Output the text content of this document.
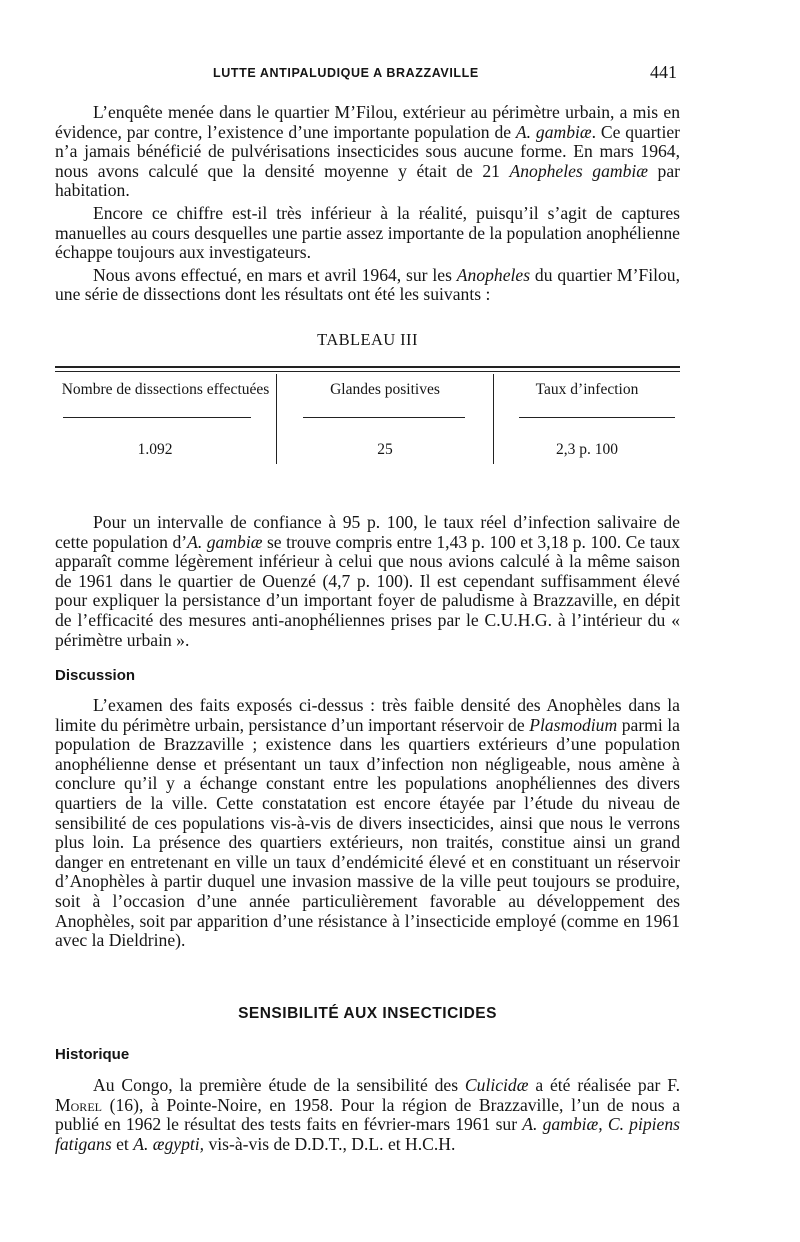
LUTTE ANTIPALUDIQUE A BRAZZAVILLE	441

L’enquête menée dans le quartier M’Filou, extérieur au périmètre urbain, a mis en évidence, par contre, l’existence d’une importante population de A. gambiæ. Ce quartier n’a jamais bénéficié de pulvérisations insecticides sous aucune forme. En mars 1964, nous avons calculé que la densité moyenne y était de 21 Anopheles gambiæ par habitation.

Encore ce chiffre est-il très inférieur à la réalité, puisqu’il s’agit de captures manuelles au cours desquelles une partie assez importante de la population anophélienne échappe toujours aux investigateurs.

Nous avons effectué, en mars et avril 1964, sur les Anopheles du quartier M’Filou, une série de dissections dont les résultats ont été les suivants :

TABLEAU III
Nombre de dissections effectuées	Glandes positives	Taux d’infection
1.092	25	2,3 p. 100

Pour un intervalle de confiance à 95 p. 100, le taux réel d’infection salivaire de cette population d’A. gambiæ se trouve compris entre 1,43 p. 100 et 3,18 p. 100. Ce taux apparaît comme légèrement inférieur à celui que nous avions calculé à la même saison de 1961 dans le quartier de Ouenzé (4,7 p. 100). Il est cependant suffisamment élevé pour expliquer la persistance d’un important foyer de paludisme à Brazzaville, en dépit de l’efficacité des mesures anti-anophéliennes prises par le C.U.H.G. à l’intérieur du « périmètre urbain ».

Discussion

L’examen des faits exposés ci-dessus : très faible densité des Anophèles dans la limite du périmètre urbain, persistance d’un important réservoir de Plasmodium parmi la population de Brazzaville ; existence dans les quartiers extérieurs d’une population anophélienne dense et présentant un taux d’infection non négligeable, nous amène à conclure qu’il y a échange constant entre les populations anophéliennes des divers quartiers de la ville. Cette constatation est encore étayée par l’étude du niveau de sensibilité de ces populations vis-à-vis de divers insecticides, ainsi que nous le verrons plus loin. La présence des quartiers extérieurs, non traités, constitue ainsi un grand danger en entretenant en ville un taux d’endémicité élevé et en constituant un réservoir d’Anophèles à partir duquel une invasion massive de la ville peut toujours se produire, soit à l’occasion d’une année particulièrement favorable au développement des Anophèles, soit par apparition d’une résistance à l’insecticide employé (comme en 1961 avec la Dieldrine).

SENSIBILITÉ AUX INSECTICIDES
Historique

Au Congo, la première étude de la sensibilité des Culicidæ a été réalisée par F. Morel (16), à Pointe-Noire, en 1958. Pour la région de Brazzaville, l’un de nous a publié en 1962 le résultat des tests faits en février-mars 1961 sur A. gambiæ, C. pipiens fatigans et A. ægypti, vis-à-vis de D.D.T., D.L. et H.C.H.
